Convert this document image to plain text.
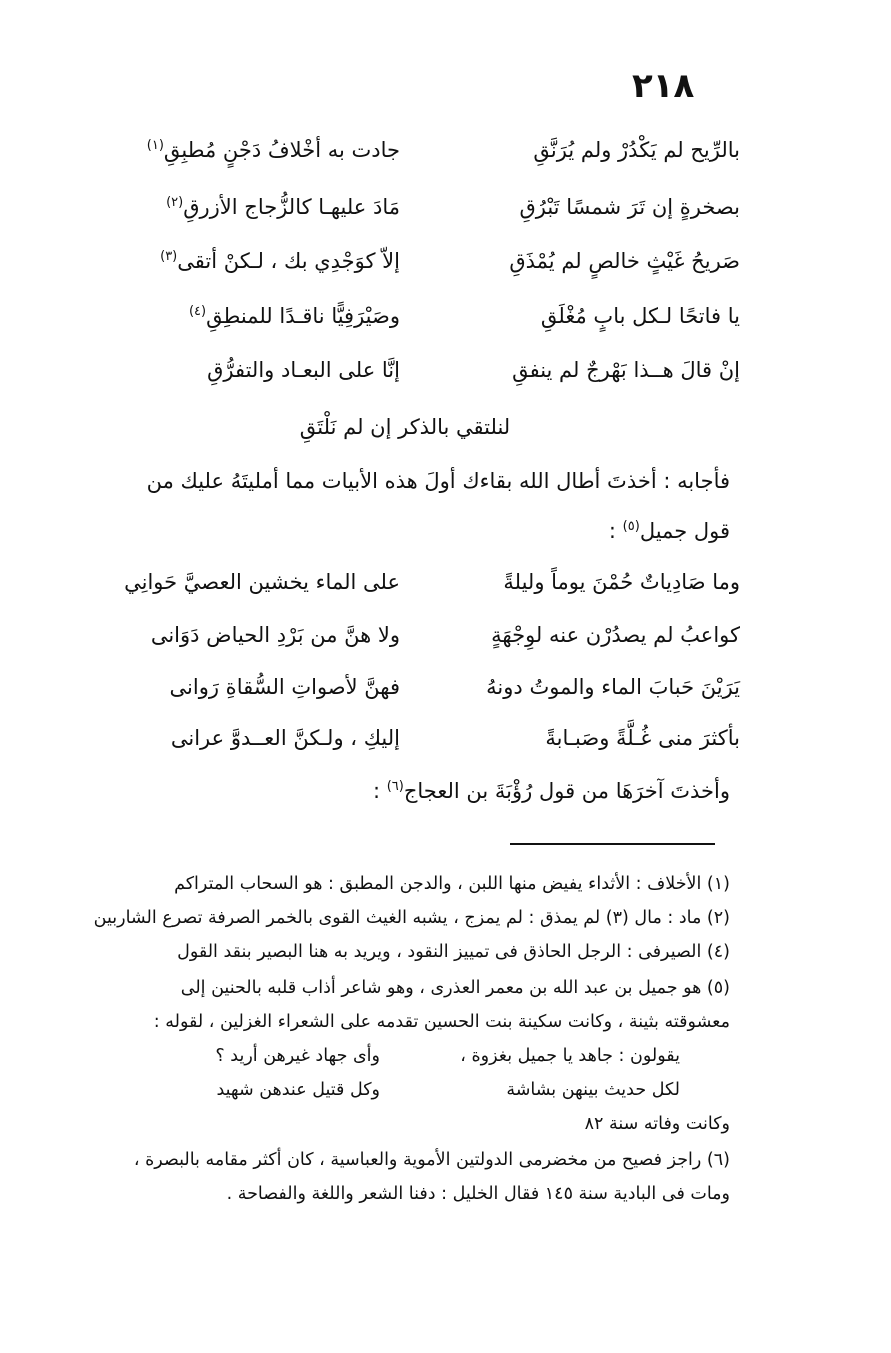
٢١٨
بالرِّيح لم يَكْدُرْ ولم يُرَنَّقِ
جادت به أخْلافُ دَجْنٍ مُطبِقِ$^{(١)}$
بصخرةٍ إن تَرَ شمسًا تَبْرُقِ
مَادَ عليهـا كالزُّجاج الأزرقِ$^{(٢)}$
صَريحُ غَيْثٍ خالصٍ لم يُمْذَقِ
إلاّ كوَجْدِي بك ، لـكنْ أتقى$^{(٣)}$
يا فاتحًا لـكل بابٍ مُغْلَقِ
وصَيْرَفِيًّا ناقـدًا للمنطِقِ$^{(٤)}$
إنْ قالَ هــذا بَهْرجٌ لم ينفقِ
إنَّا على البعـاد والتفرُّقِ
لنلتقي بالذكر إن لم نَلْتَقِ
فأجابه : أخذتَ أطال الله بقاءك أولَ هذه الأبيات مما أمليتَهُ عليك من
قول جميل$^{(٥)}$ :
وما صَادِياتٌ حُمْنَ يوماً وليلةً
على الماء يخشين العصيَّ حَوانِي
كواعبُ لم يصدُرْن عنه لوِجْهَةٍ
ولا هنَّ من بَرْدِ الحياض دَوَانى
يَرَيْنَ حَبابَ الماء والموتُ دونهُ
فهنَّ لأصواتِ السُّقاةِ رَوانى
بأكثرَ منى غُـلَّةً وصَبـابةً
إليكِ ، ولـكنَّ العــدوَّ عرانى
وأخذتَ آخرَهَا من قول رُؤْبَةَ بن العجاج$^{(٦)}$ :
(١) الأخلاف : الأثداء يفيض منها اللبن ، والدجن المطبق : هو السحاب المتراكم
(٢) ماد : مال (٣) لم يمذق : لم يمزج ، يشبه الغيث القوى بالخمر الصرفة تصرع الشاربين
(٤) الصيرفى : الرجل الحاذق فى تمييز النقود ، ويريد به هنا البصير بنقد القول
(٥) هو جميل بن عبد الله بن معمر العذرى ، وهو شاعر أذاب قلبه بالحنين إلى
معشوقته بثينة ، وكانت سكينة بنت الحسين تقدمه على الشعراء الغزلين ، لقوله :
يقولون : جاهد يا جميل بغزوة ،
وأى جهاد غيرهن أريد ؟
لكل حديث بينهن بشاشة
وكل قتيل عندهن شهيد
وكانت وفاته سنة ٨٢
(٦) راجز فصيح من مخضرمى الدولتين الأموية والعباسية ، كان أكثر مقامه بالبصرة ،
ومات فى البادية سنة ١٤٥ فقال الخليل : دفنا الشعر واللغة والفصاحة .
